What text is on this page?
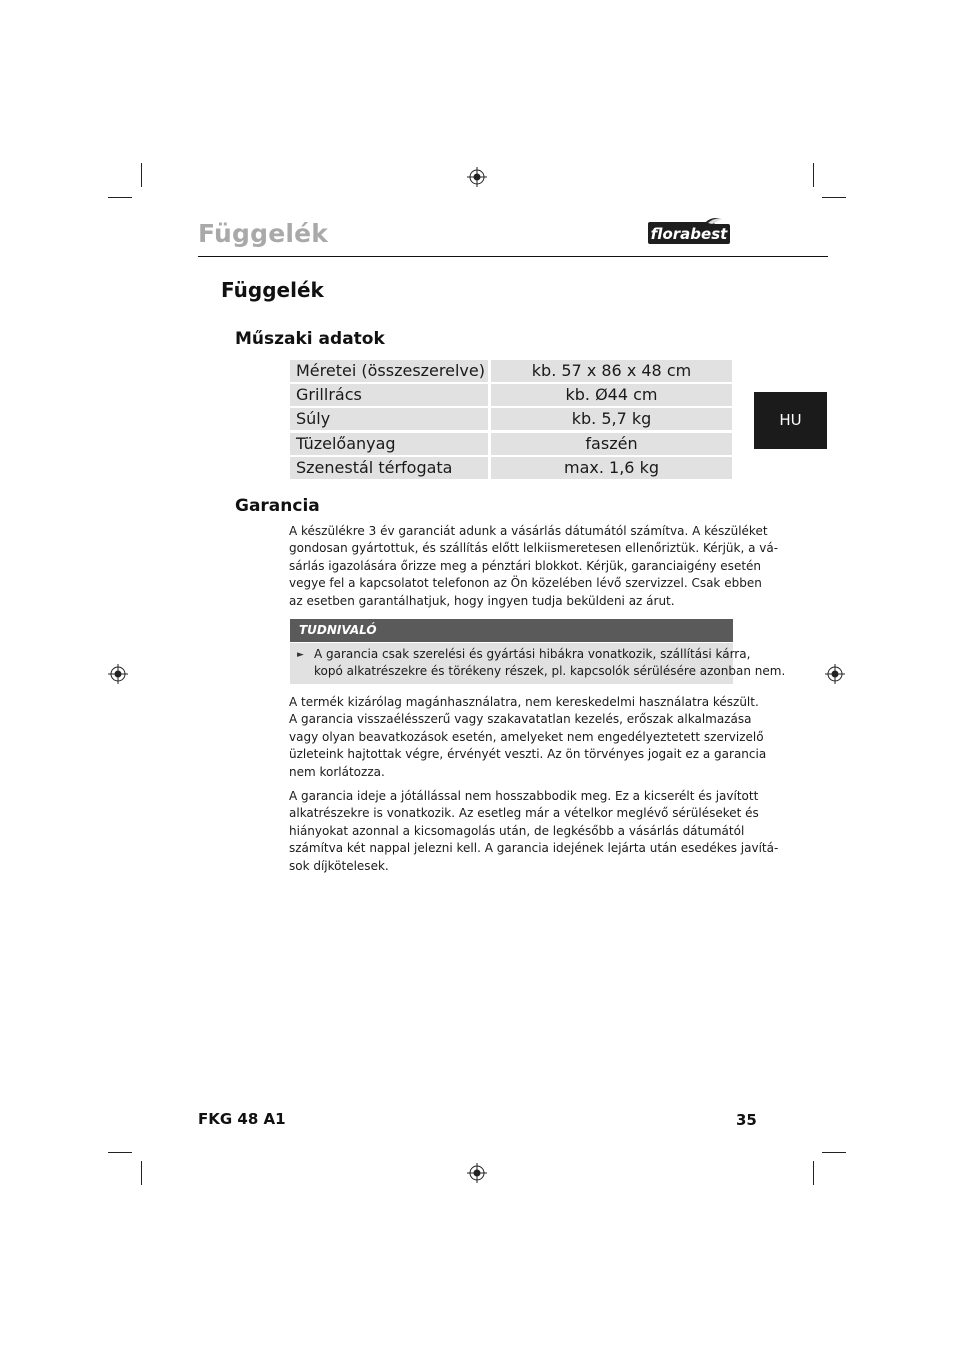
Függelék	florabest
Függelék
Műszaki adatok
Méretei (összeszerelve)	kb. 57 x 86 x 48 cm
Grillrács	kb. Ø44 cm
Súly	kb. 5,7 kg
Tüzelőanyag	faszén
Szenestál térfogata	max. 1,6 kg
HU
Garancia
A készülékre 3 év garanciát adunk a vásárlás dátumától számítva. A készüléket
gondosan gyártottuk, és szállítás előtt lelkiismeretesen ellenőriztük. Kérjük, a vá-
sárlás igazolására őrizze meg a pénztári blokkot. Kérjük, garanciaigény esetén
vegye fel a kapcsolatot telefonon az Ön közelében lévő szervizzel. Csak ebben
az esetben garantálhatjuk, hogy ingyen tudja beküldeni az árut.
TUDNIVALÓ
► A garancia csak szerelési és gyártási hibákra vonatkozik, szállítási kárra,
kopó alkatrészekre és törékeny részek, pl. kapcsolók sérülésére azonban nem.
A termék kizárólag magánhasználatra, nem kereskedelmi használatra készült.
A garancia visszaélésszerű vagy szakavatatlan kezelés, erőszak alkalmazása
vagy olyan beavatkozások esetén, amelyeket nem engedélyeztetett szervizelő
üzleteink hajtottak végre, érvényét veszti. Az ön törvényes jogait ez a garancia
nem korlátozza.
A garancia ideje a jótállással nem hosszabbodik meg. Ez a kicserélt és javított
alkatrészekre is vonatkozik. Az esetleg már a vételkor meglévő sérüléseket és
hiányokat azonnal a kicsomagolás után, de legkésőbb a vásárlás dátumától
számítva két nappal jelezni kell. A garancia idejének lejárta után esedékes javítá-
sok díjkötelesek.
FKG 48 A1	35
